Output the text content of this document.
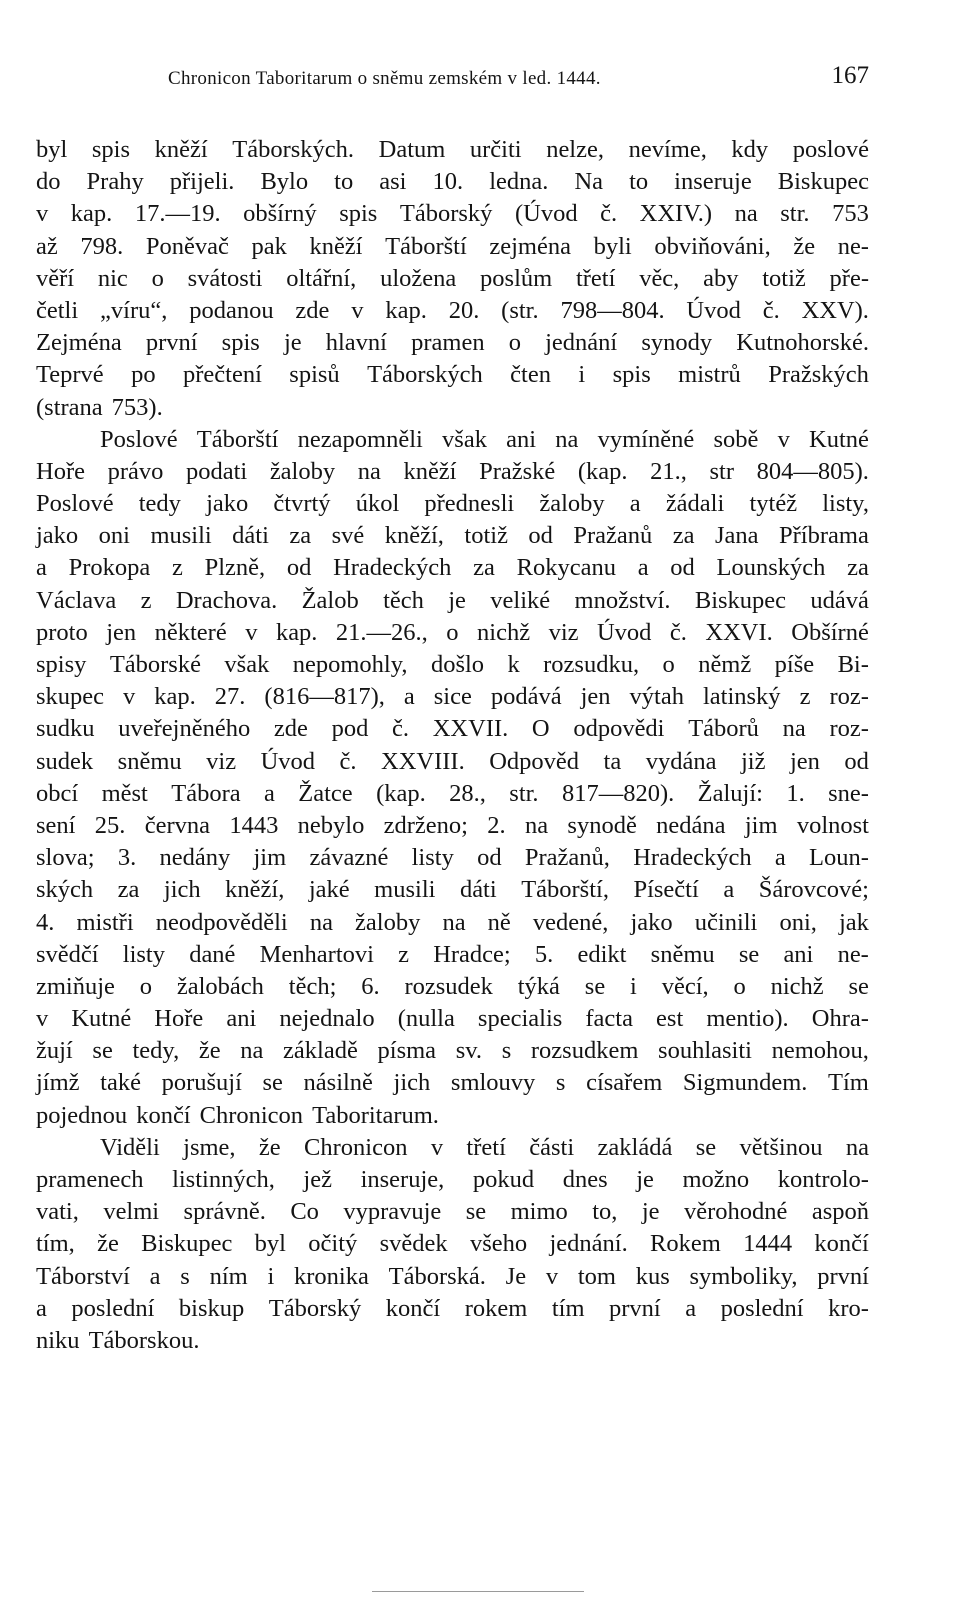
Chronicon Taboritarum o sněmu zemském v led. 1444.	167
byl spis kněží Táborských. Datum určiti nelze, nevíme, kdy poslové
do Prahy přijeli. Bylo to asi 10. ledna. Na to inseruje Biskupec
v kap. 17.—19. obšírný spis Táborský (Úvod č. XXIV.) na str. 753
až 798. Poněvač pak kněží Táborští zejména byli obviňováni, že ne-
věří nic o svátosti oltářní, uložena poslům třetí věc, aby totiž pře-
četli „víru“, podanou zde v kap. 20. (str. 798—804. Úvod č. XXV).
Zejména první spis je hlavní pramen o jednání synody Kutnohorské.
Teprvé po přečtení spisů Táborských čten i spis mistrů Pražských
(strana 753).
Poslové Táborští nezapomněli však ani na vymíněné sobě v Kutné
Hoře právo podati žaloby na kněží Pražské (kap. 21., str 804—805).
Poslové tedy jako čtvrtý úkol přednesli žaloby a žádali tytéž listy,
jako oni musili dáti za své kněží, totiž od Pražanů za Jana Příbrama
a Prokopa z Plzně, od Hradeckých za Rokycanu a od Lounských za
Václava z Drachova. Žalob těch je veliké množství. Biskupec udává
proto jen některé v kap. 21.—26., o nichž viz Úvod č. XXVI. Obšírné
spisy Táborské však nepomohly, došlo k rozsudku, o němž píše Bi-
skupec v kap. 27. (816—817), a sice podává jen výtah latinský z roz-
sudku uveřejněného zde pod č. XXVII. O odpovědi Táborů na roz-
sudek sněmu viz Úvod č. XXVIII. Odpověd ta vydána již jen od
obcí měst Tábora a Žatce (kap. 28., str. 817—820). Žalují: 1. sne-
sení 25. června 1443 nebylo zdrženo; 2. na synodě nedána jim volnost
slova; 3. nedány jim závazné listy od Pražanů, Hradeckých a Loun-
ských za jich kněží, jaké musili dáti Táborští, Písečtí a Šárovcové;
4. mistři neodpověděli na žaloby na ně vedené, jako učinili oni, jak
svědčí listy dané Menhartovi z Hradce; 5. edikt sněmu se ani ne-
zmiňuje o žalobách těch; 6. rozsudek týká se i věcí, o nichž se
v Kutné Hoře ani nejednalo (nulla specialis facta est mentio). Ohra-
žují se tedy, že na základě písma sv. s rozsudkem souhlasiti nemohou,
jímž také porušují se násilně jich smlouvy s císařem Sigmundem. Tím
pojednou končí Chronicon Taboritarum.
Viděli jsme, že Chronicon v třetí části zakládá se většinou na
pramenech listinných, jež inseruje, pokud dnes je možno kontrolo-
vati, velmi správně. Co vypravuje se mimo to, je věrohodné aspoň
tím, že Biskupec byl očitý svědek všeho jednání. Rokem 1444 končí
Táborství a s ním i kronika Táborská. Je v tom kus symboliky, první
a poslední biskup Táborský končí rokem tím první a poslední kro-
niku Táborskou.
